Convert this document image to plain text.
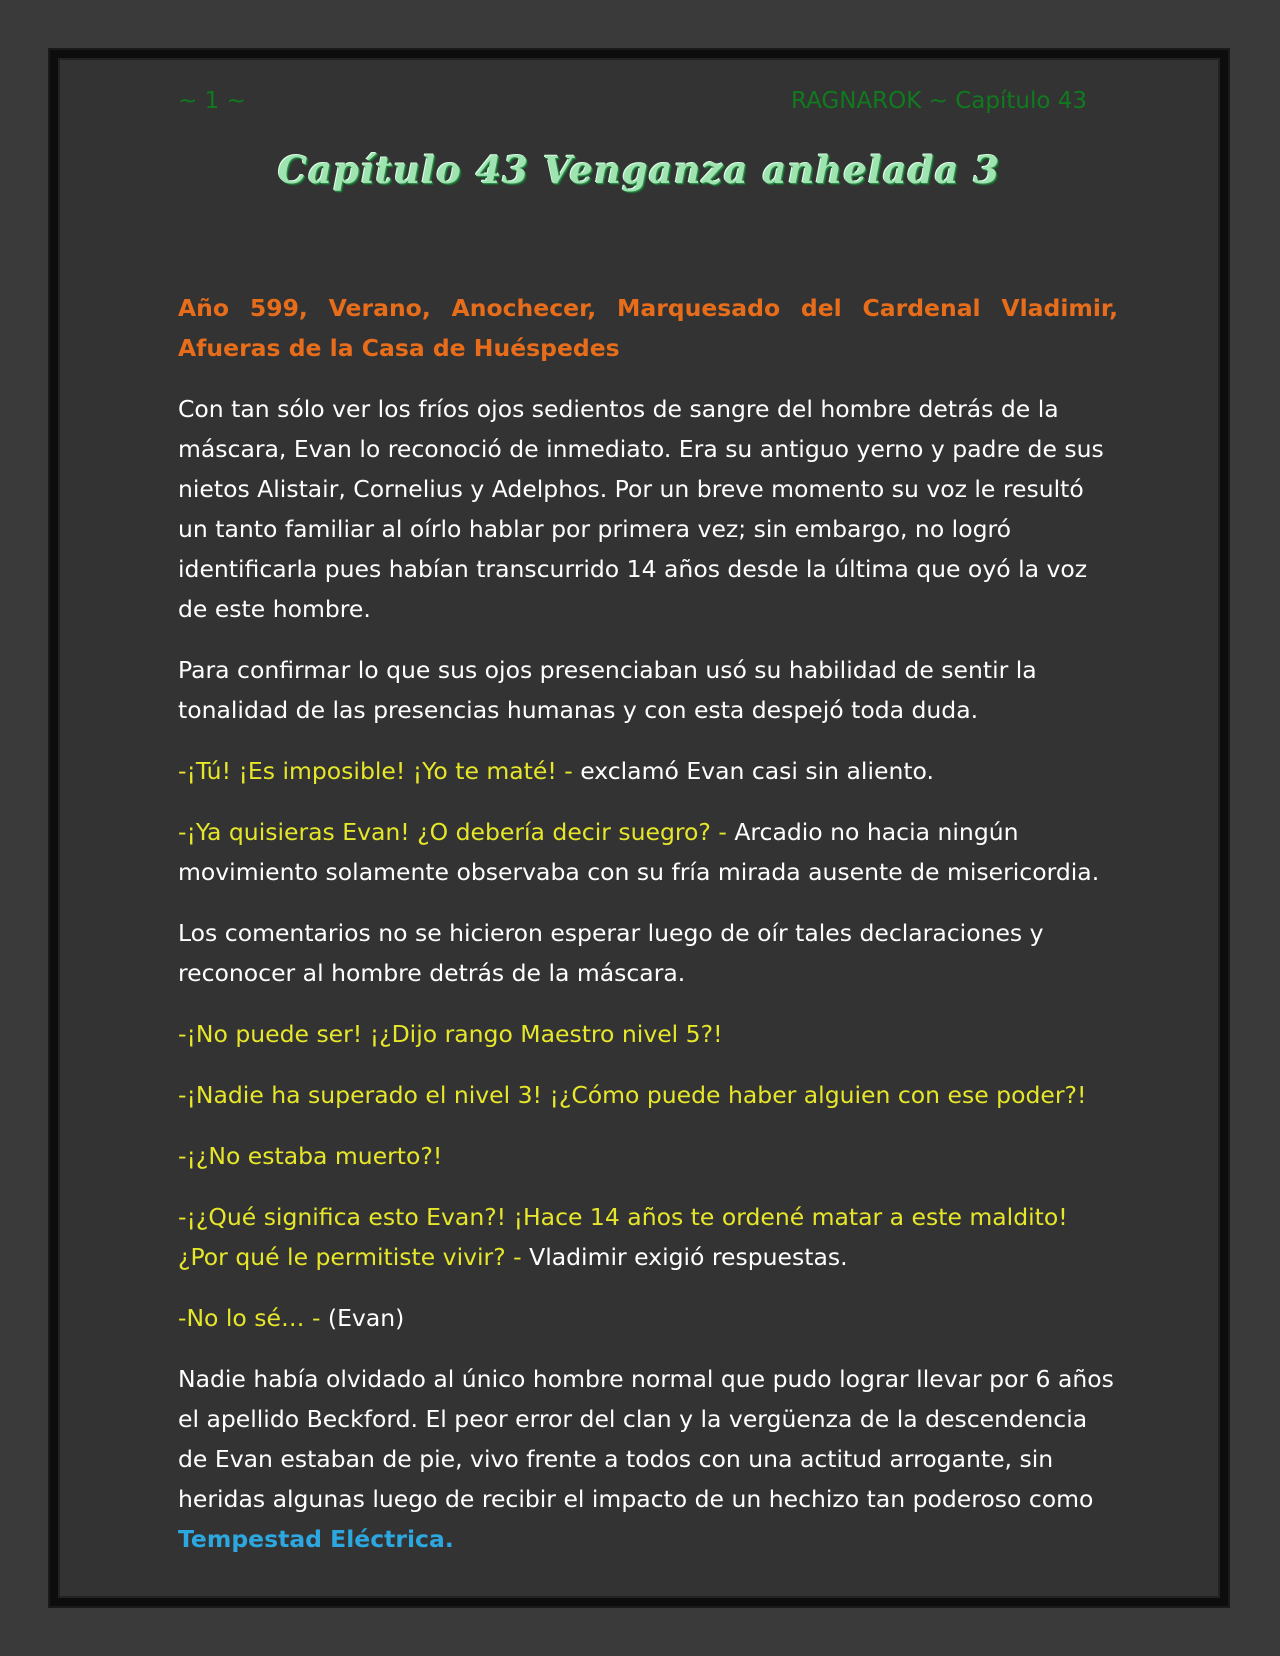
~ 1 ~	RAGNAROK ~ Capítulo 43
Capítulo 43 Venganza anhelada 3

Año 599, Verano, Anochecer, Marquesado del Cardenal Vladimir, Afueras de la Casa de Huéspedes

Con tan sólo ver los fríos ojos sedientos de sangre del hombre detrás de la máscara, Evan lo reconoció de inmediato. Era su antiguo yerno y padre de sus nietos Alistair, Cornelius y Adelphos. Por un breve momento su voz le resultó un tanto familiar al oírlo hablar por primera vez; sin embargo, no logró identificarla pues habían transcurrido 14 años desde la última que oyó la voz de este hombre.

Para confirmar lo que sus ojos presenciaban usó su habilidad de sentir la tonalidad de las presencias humanas y con esta despejó toda duda.

-¡Tú! ¡Es imposible! ¡Yo te maté! - exclamó Evan casi sin aliento.

-¡Ya quisieras Evan! ¿O debería decir suegro? - Arcadio no hacia ningún movimiento solamente observaba con su fría mirada ausente de misericordia.

Los comentarios no se hicieron esperar luego de oír tales declaraciones y reconocer al hombre detrás de la máscara.

-¡No puede ser! ¡¿Dijo rango Maestro nivel 5?!

-¡Nadie ha superado el nivel 3! ¡¿Cómo puede haber alguien con ese poder?!

-¡¿No estaba muerto?!

-¡¿Qué significa esto Evan?! ¡Hace 14 años te ordené matar a este maldito! ¿Por qué le permitiste vivir? - Vladimir exigió respuestas.

-No lo sé… - (Evan)

Nadie había olvidado al único hombre normal que pudo lograr llevar por 6 años el apellido Beckford. El peor error del clan y la vergüenza de la descendencia de Evan estaban de pie, vivo frente a todos con una actitud arrogante, sin heridas algunas luego de recibir el impacto de un hechizo tan poderoso como Tempestad Eléctrica.
